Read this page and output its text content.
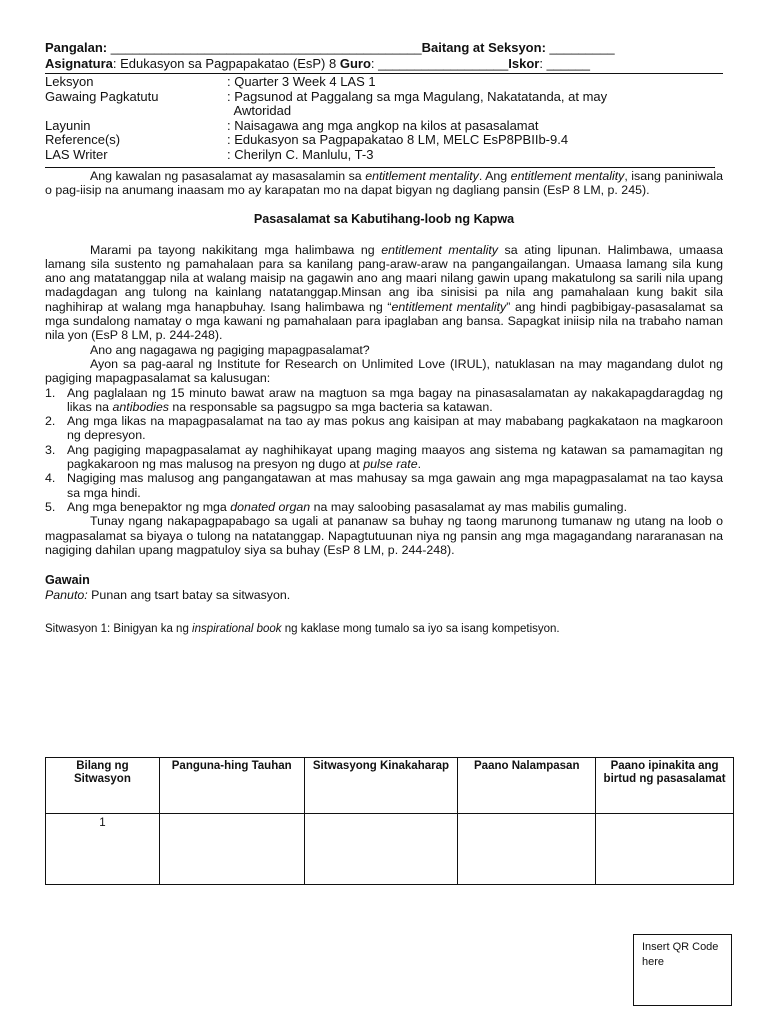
Pangalan: ___________________________________________Baitang at Seksyon: _________
Asignatura: Edukasyon sa Pagpapakatao (EsP) 8 Guro: __________________Iskor: ______
Leksyon	: Quarter 3 Week 4 LAS 1
Gawaing Pagkatutu	: Pagsunod at Paggalang sa mga Magulang, Nakatatanda, at may
Awtoridad
Layunin	: Naisagawa ang mga angkop na kilos at pasasalamat
Reference(s)	: Edukasyon sa Pagpapakatao 8 LM, MELC EsP8PBIIb-9.4
LAS Writer	: Cherilyn C. Manlulu, T-3

Ang kawalan ng pasasalamat ay masasalamin sa entitlement mentality. Ang entitlement mentality, isang paniniwala o pag-iisip na anumang inaasam mo ay karapatan mo na dapat bigyan ng dagliang pansin (EsP 8 LM, p. 245).

Pasasalamat sa Kabutihang-loob ng Kapwa

Marami pa tayong nakikitang mga halimbawa ng entitlement mentality sa ating lipunan. Halimbawa, umaasa lamang sila sustento ng pamahalaan para sa kanilang pang-araw-araw na pangangailangan. Umaasa lamang sila kung ano ang matatanggap nila at walang maisip na gagawin ano ang maari nilang gawin upang makatulong sa sarili nila upang madagdagan ang tulong na kainlang natatanggap.Minsan ang iba sinisisi pa nila ang pamahalaan kung bakit sila naghihirap at walang mga hanapbuhay. Isang halimbawa ng “entitlement mentality” ang hindi pagbibigay-pasasalamat sa mga sundalong namatay o mga kawani ng pamahalaan para ipaglaban ang bansa. Sapagkat iniisip nila na trabaho naman nila yon (EsP 8 LM, p. 244-248).

Ano ang nagagawa ng pagiging mapagpasalamat?

Ayon sa pag-aaral ng Institute for Research on Unlimited Love (IRUL), natuklasan na may magandang dulot ng pagiging mapagpasalamat sa kalusugan:

1. Ang paglalaan ng 15 minuto bawat araw na magtuon sa mga bagay na pinasasalamatan ay nakakapagdaragdag ng likas na antibodies na responsable sa pagsugpo sa mga bacteria sa katawan.
2. Ang mga likas na mapagpasalamat na tao ay mas pokus ang kaisipan at may mababang pagkakataon na magkaroon ng depresyon.
3. Ang pagiging mapagpasalamat ay naghihikayat upang maging maayos ang sistema ng katawan sa pamamagitan ng pagkakaroon ng mas malusog na presyon ng dugo at pulse rate.
4. Nagiging mas malusog ang pangangatawan at mas mahusay sa mga gawain ang mga mapagpasalamat na tao kaysa sa mga hindi.
5. Ang mga benepaktor ng mga donated organ na may saloobing pasasalamat ay mas mabilis gumaling.

Tunay ngang nakapagpapabago sa ugali at pananaw sa buhay ng taong marunong tumanaw ng utang na loob o magpasalamat sa biyaya o tulong na natatanggap. Napagtutuunan niya ng pansin ang mga magagandang nararanasan na nagiging dahilan upang magpatuloy siya sa buhay (EsP 8 LM, p. 244-248).

Gawain
Panuto: Punan ang tsart batay sa sitwasyon.
Sitwasyon 1: Binigyan ka ng inspirational book ng kaklase mong tumalo sa iyo sa isang kompetisyon.
Bilang ng Sitwasyon	Panguna-hing Tauhan	Sitwasyong Kinakaharap	Paano Nalampasan	Paano ipinakita ang birtud ng pasasalamat
1				
Insert QR Code here
